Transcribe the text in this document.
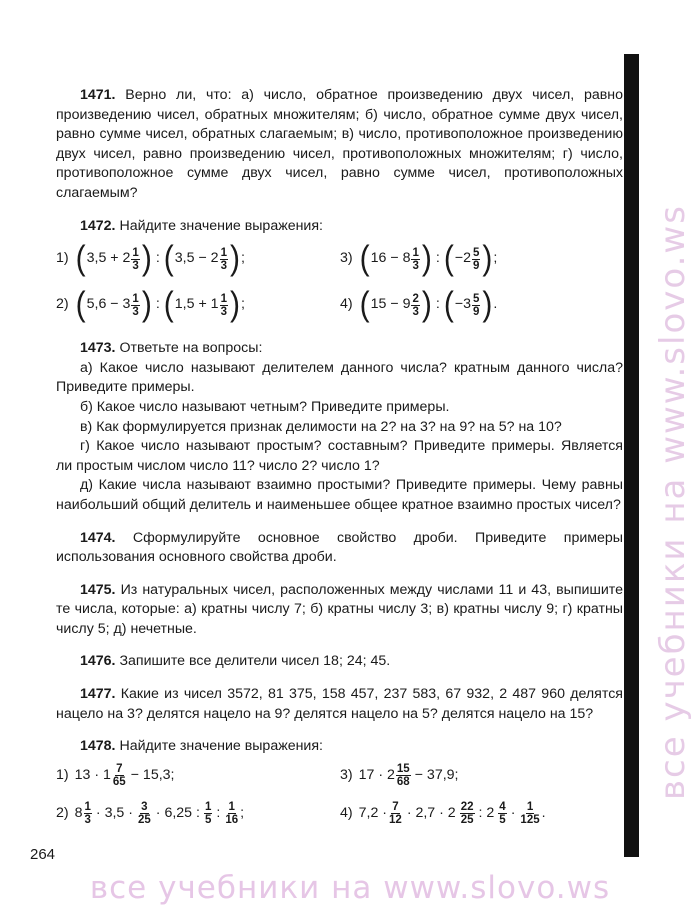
все учебники на www.slovo.ws

1471. Верно ли, что: а) число, обратное произведению двух чисел, равно произведению чисел, обратных множителям; б) число, обратное сумме двух чисел, равно сумме чисел, обратных слагаемым; в) число, противоположное произведению двух чисел, равно произведению чисел, противоположных множителям; г) число, противоположное сумме двух чисел, равно сумме чисел, противоположных слагаемым?

1472. Найдите значение выражения:

1) ( $3,5 + 2 \frac{1}{3}$ ) : ( $3,5 - 2 \frac{1}{3}$ ) ;	3) ( $16 - 8 \frac{1}{3}$ ) : ( $-2 \frac{5}{9}$ ) ;
2) ( $5,6 - 3 \frac{1}{3}$ ) : ( $1,5 + 1 \frac{1}{3}$ ) ;	4) ( $15 - 9 \frac{2}{3}$ ) : ( $-3 \frac{5}{9}$ ) .

1473. Ответьте на вопросы:

а) Какое число называют делителем данного числа? кратным данного числа? Приведите примеры.

б) Какое число называют четным? Приведите примеры.

в) Как формулируется признак делимости на 2? на 3? на 9? на 5? на 10?

г) Какое число называют простым? составным? Приведите примеры. Является ли простым числом число 11? число 2? число 1?

д) Какие числа называют взаимно простыми? Приведите примеры. Чему равны наибольший общий делитель и наименьшее общее кратное взаимно простых чисел?

1474. Сформулируйте основное свойство дроби. Приведите примеры использования основного свойства дроби.

1475. Из натуральных чисел, расположенных между числами 11 и 43, выпишите те числа, которые: а) кратны числу 7; б) кратны числу 3; в) кратны числу 9; г) кратны числу 5; д) нечетные.

1476. Запишите все делители чисел 18; 24; 45.

1477. Какие из чисел 3572, 81 375, 158 457, 237 583, 67 932, 2 487 960 делятся нацело на 3? делятся нацело на 9? делятся нацело на 5? делятся нацело на 15?

1478. Найдите значение выражения:

1) $13 \cdot 1 \frac{7}{65} - 15,3$;	3) $17 \cdot 2 \frac{15}{68} - 37,9$;
2) $8 \frac{1}{3} \cdot 3,5 \cdot \frac{3}{25} \cdot 6,25$ : $\frac{1}{5}$ : $\frac{1}{16}$ ;	4) $7,2 \cdot \frac{7}{12} \cdot 2,7 \cdot 2 \frac{22}{25}$ : $2 \frac{4}{5} \cdot \frac{1}{125}$ .
264
все учебники на www.slovo.ws
